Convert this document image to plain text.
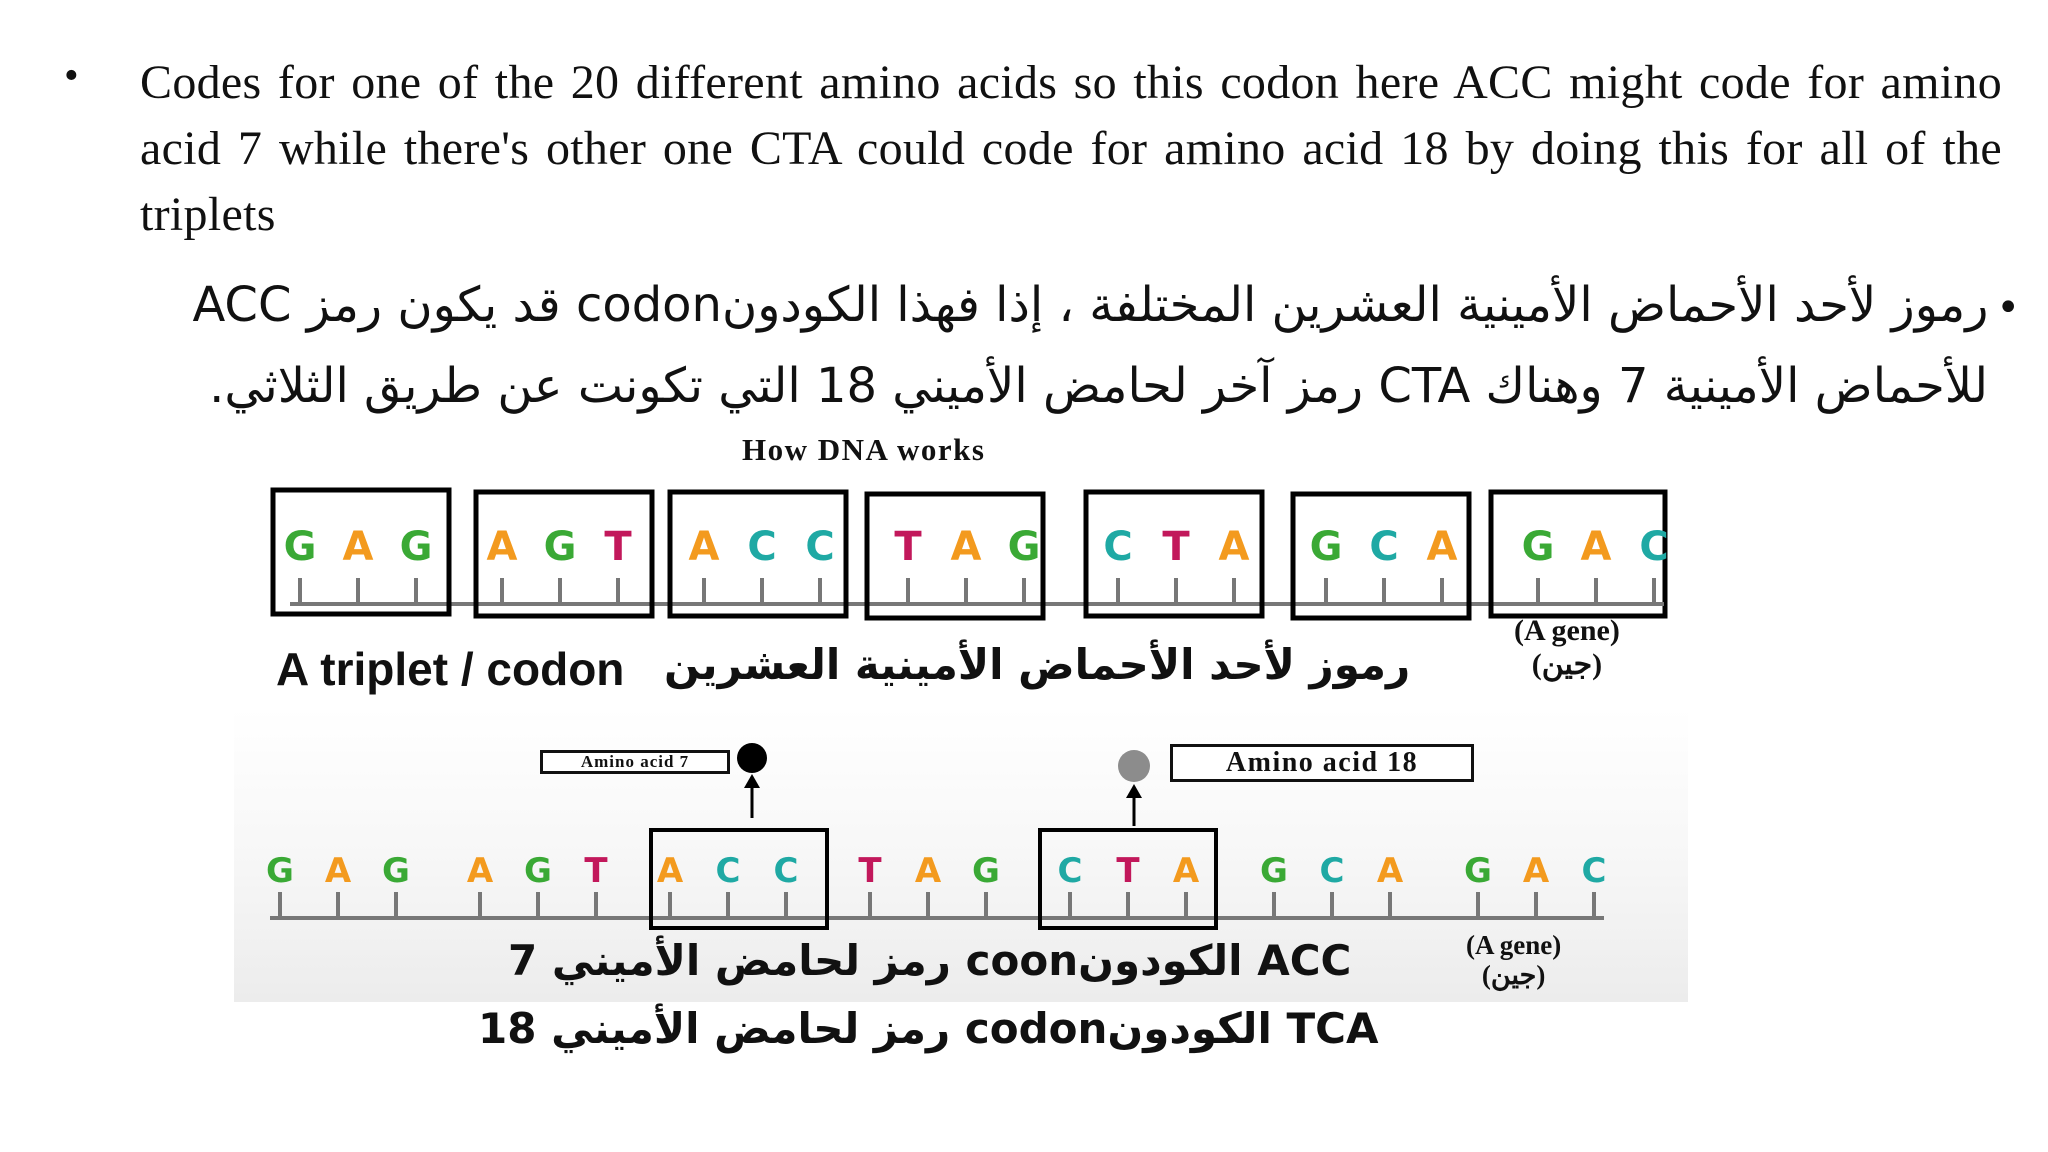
• Codes for one of the 20 different amino acids so this codon here ACC might code for amino acid 7 while there's other one CTA could code for amino acid 18 by doing this for all of the triplets
•رموز لأحد الأحماض الأمينية العشرين المختلفة ، إذا فهذا الكودونcodon قد يكون رمز ACC
للأحماض الأمينية 7 وهناك CTA رمز آخر لحامض الأميني 18 التي تكونت عن طريق الثلاثي.
How DNA works
G A G A G T A C C T A G C T A G C A G A C
G A G A G T A C C T A G C T A G C A G A C
A triplet / codon رموز لأحد الأحماض الأمينية العشرين
(A gene)
(جين)
(A gene)
(جين)
Amino acid 7	Amino acid 18
ACC الكودونcoon رمز لحامض الأميني 7
TCA الكودونcodon رمز لحامض الأميني 18
